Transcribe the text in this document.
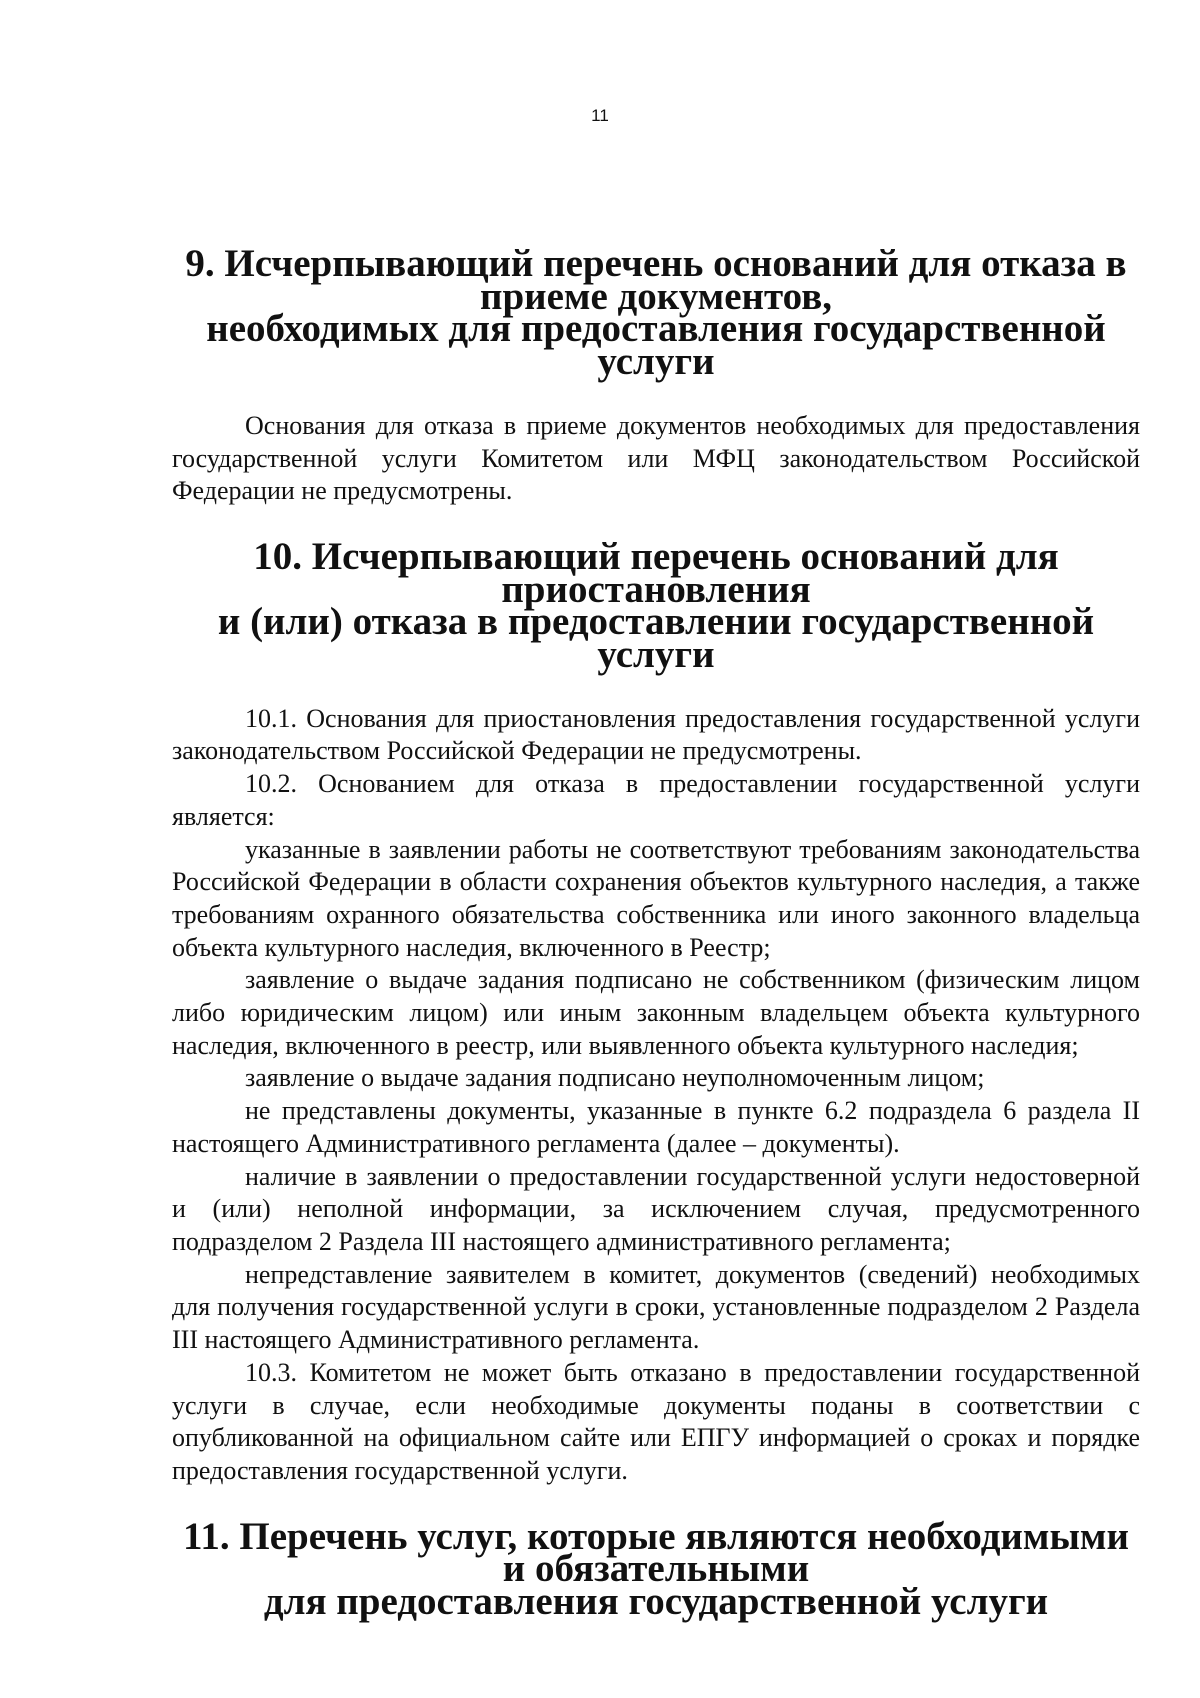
11
9. Исчерпывающий перечень оснований для отказа в приеме документов,
необходимых для предоставления государственной услуги

Основания для отказа в приеме документов необходимых для предоставления государственной услуги Комитетом или МФЦ законодательством Российской Федерации не предусмотрены.

10. Исчерпывающий перечень оснований для приостановления
и (или) отказа в предоставлении государственной услуги

10.1. Основания для приостановления предоставления государственной услуги законодательством Российской Федерации не предусмотрены.

10.2. Основанием для отказа в предоставлении государственной услуги является:

указанные в заявлении работы не соответствуют требованиям законодательства Российской Федерации в области сохранения объектов культурного наследия, а также требованиям охранного обязательства собственника или иного законного владельца объекта культурного наследия, включенного в Реестр;

заявление о выдаче задания подписано не собственником (физическим лицом либо юридическим лицом) или иным законным владельцем объекта культурного наследия, включенного в реестр, или выявленного объекта культурного наследия;

заявление о выдаче задания подписано неуполномоченным лицом;

не представлены документы, указанные в пункте 6.2 подраздела 6 раздела II настоящего Административного регламента (далее – документы).

наличие в заявлении о предоставлении государственной услуги недостоверной и (или) неполной информации, за исключением случая, предусмотренного подразделом 2 Раздела III настоящего административного регламента;

непредставление заявителем в комитет, документов (сведений) необходимых для получения государственной услуги в сроки, установленные подразделом 2 Раздела III настоящего Административного регламента.

10.3. Комитетом не может быть отказано в предоставлении государственной услуги в случае, если необходимые документы поданы в соответствии с опубликованной на официальном сайте или ЕПГУ информацией о сроках и порядке предоставления государственной услуги.

11. Перечень услуг, которые являются необходимыми и обязательными
для предоставления государственной услуги
